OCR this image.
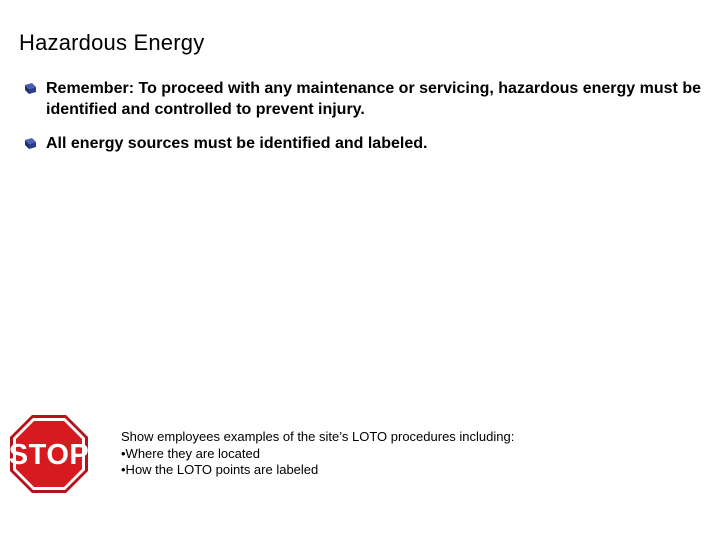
Hazardous Energy
Remember: To proceed with any maintenance or servicing, hazardous energy must be identified and controlled to prevent injury.
All energy sources must be identified and labeled.
STOP
Show employees examples of the site’s LOTO procedures including:
•Where they are located
•How the LOTO points are labeled
